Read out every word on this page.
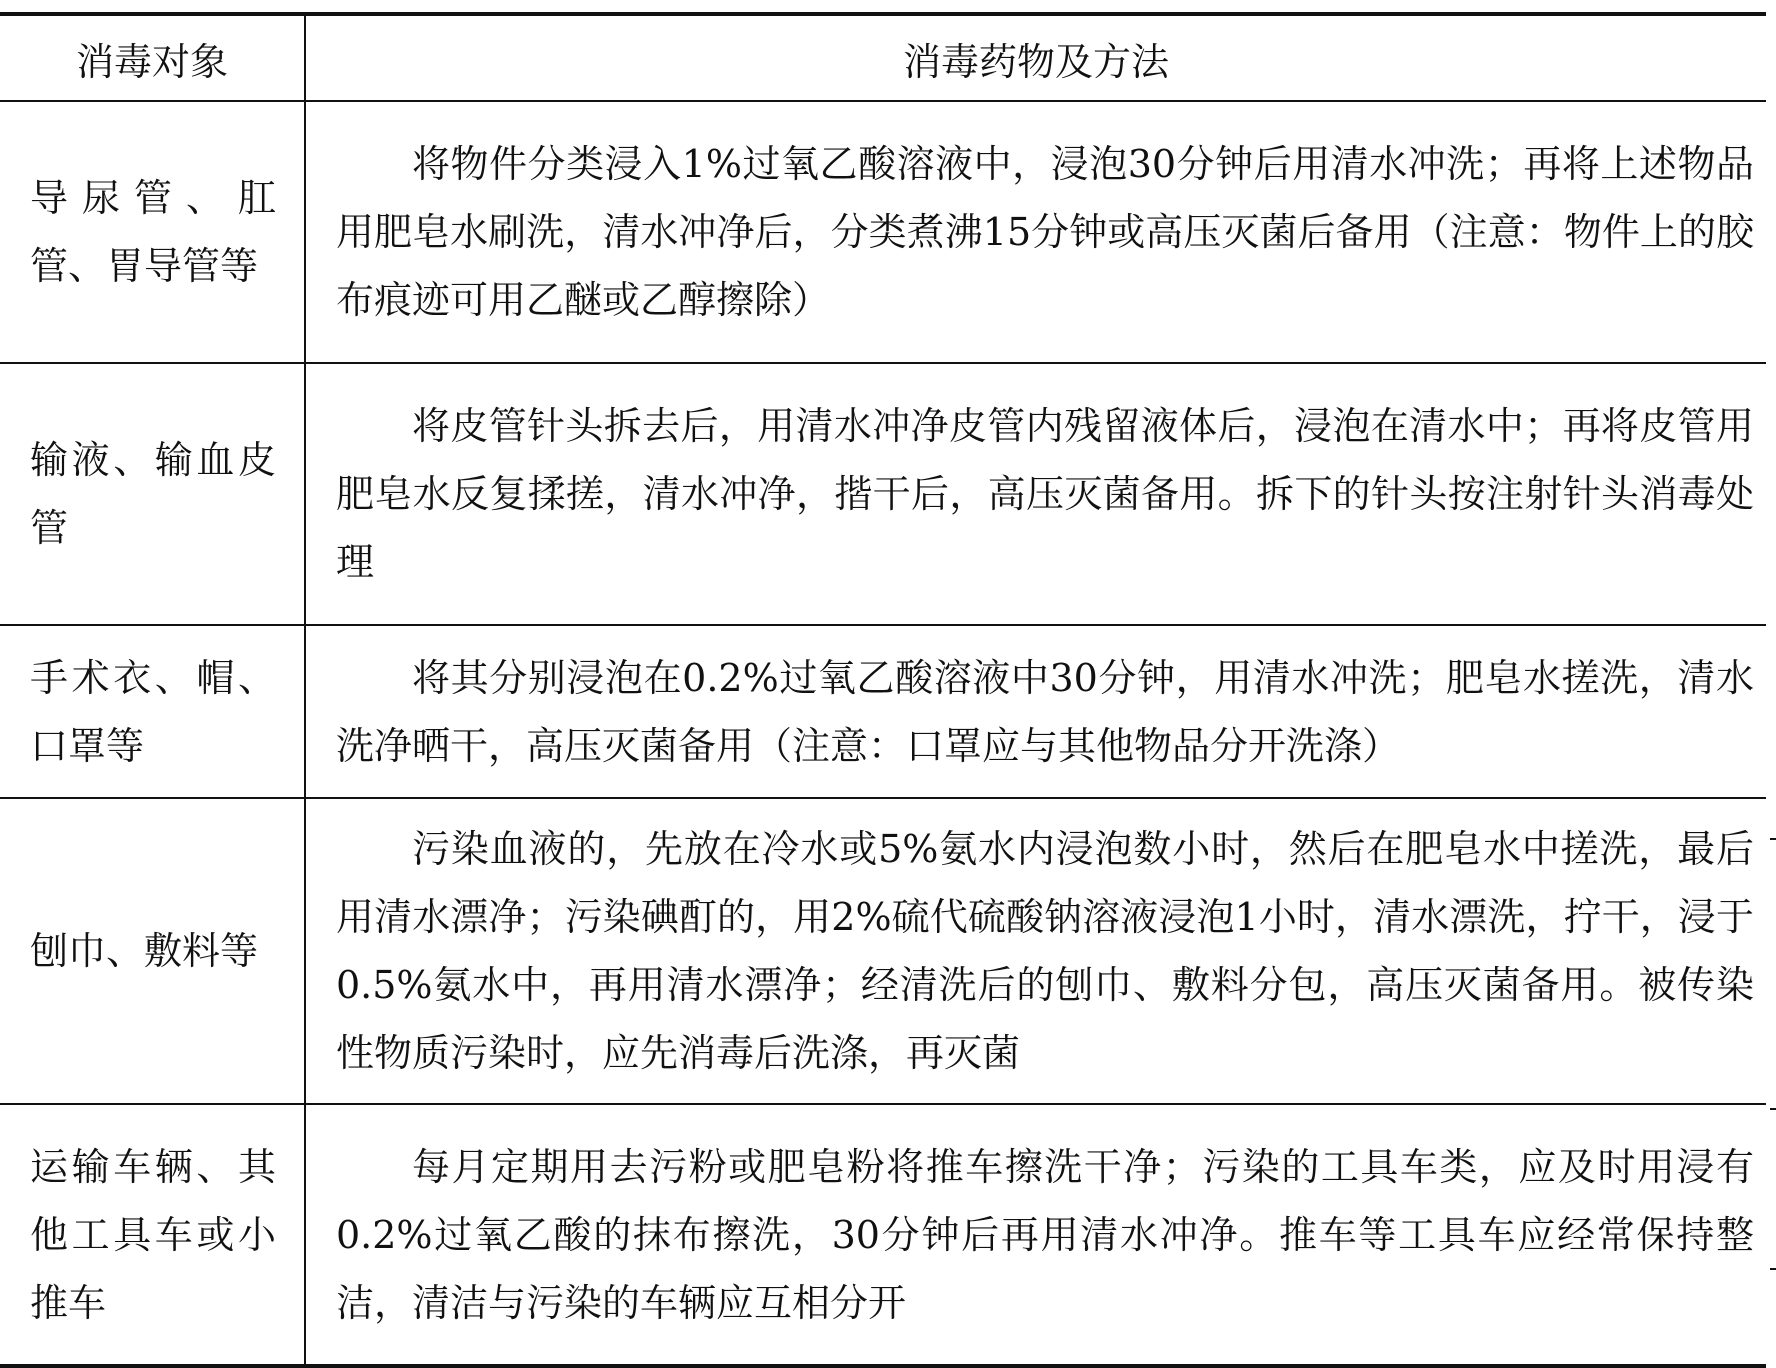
消毒对象	消毒药物及方法
导尿管、肛管、胃导管等	将物件分类浸入1%过氧乙酸溶液中，浸泡30分钟后用清水冲洗；再将上述物品用肥皂水刷洗，清水冲净后，分类煮沸15分钟或高压灭菌后备用（注意：物件上的胶布痕迹可用乙醚或乙醇擦除）
输液、输血皮管	将皮管针头拆去后，用清水冲净皮管内残留液体后，浸泡在清水中；再将皮管用肥皂水反复揉搓，清水冲净，揩干后，高压灭菌备用。拆下的针头按注射针头消毒处理
手术衣、帽、口罩等	将其分别浸泡在0.2%过氧乙酸溶液中30分钟，用清水冲洗；肥皂水搓洗，清水洗净晒干，高压灭菌备用（注意：口罩应与其他物品分开洗涤）
刨巾、敷料等	污染血液的，先放在冷水或5%氨水内浸泡数小时，然后在肥皂水中搓洗，最后用清水漂净；污染碘酊的，用2%硫代硫酸钠溶液浸泡1小时，清水漂洗，拧干，浸于0.5%氨水中，再用清水漂净；经清洗后的刨巾、敷料分包，高压灭菌备用。被传染性物质污染时，应先消毒后洗涤，再灭菌
运输车辆、其他工具车或小推车	每月定期用去污粉或肥皂粉将推车擦洗干净；污染的工具车类，应及时用浸有0.2%过氧乙酸的抹布擦洗，30分钟后再用清水冲净。推车等工具车应经常保持整洁，清洁与污染的车辆应互相分开
